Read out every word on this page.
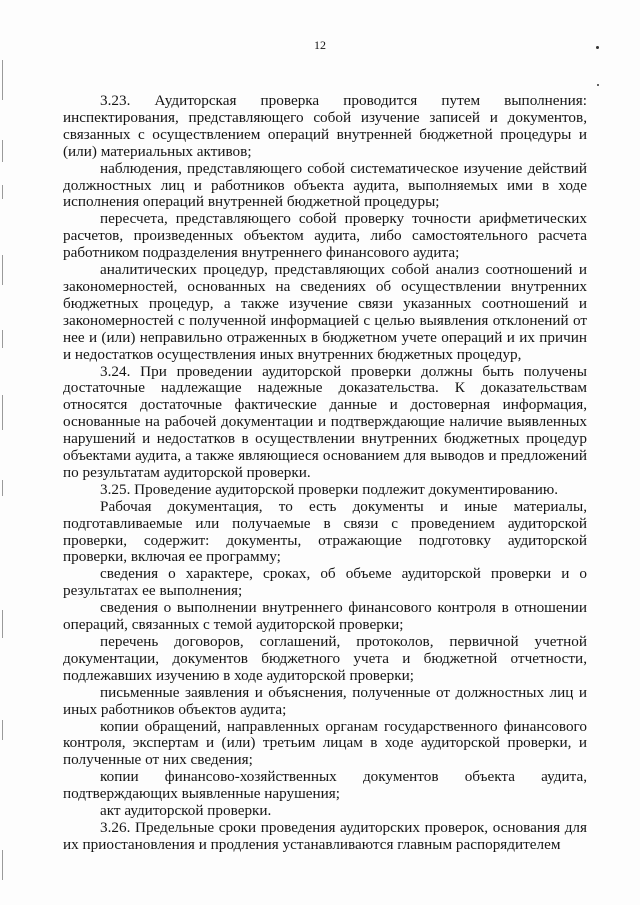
12

3.23. Аудиторская проверка проводится путем выполнения: инспектирования, представляющего собой изучение записей и документов, связанных с осуществлением операций внутренней бюджетной процедуры и (или) материальных активов;

наблюдения, представляющего собой систематическое изучение действий должностных лиц и работников объекта аудита, выполняемых ими в ходе исполнения операций внутренней бюджетной процедуры;

пересчета, представляющего собой проверку точности арифметических расчетов, произведенных объектом аудита, либо самостоятельного расчета работником подразделения внутреннего финансового аудита;

аналитических процедур, представляющих собой анализ соотношений и закономерностей, основанных на сведениях об осуществлении внутренних бюджетных процедур, а также изучение связи указанных соотношений и закономерностей с полученной информацией с целью выявления отклонений от нее и (или) неправильно отраженных в бюджетном учете операций и их причин и недостатков осуществления иных внутренних бюджетных процедур,

3.24. При проведении аудиторской проверки должны быть получены достаточные надлежащие надежные доказательства. К доказательствам относятся достаточные фактические данные и достоверная информация, основанные на рабочей документации и подтверждающие наличие выявленных нарушений и недостатков в осуществлении внутренних бюджетных процедур объектами аудита, а также являющиеся основанием для выводов и предложений по результатам аудиторской проверки.

3.25. Проведение аудиторской проверки подлежит документированию.

Рабочая документация, то есть документы и иные материалы, подготавливаемые или получаемые в связи с проведением аудиторской проверки, содержит: документы, отражающие подготовку аудиторской проверки, включая ее программу;

сведения о характере, сроках, об объеме аудиторской проверки и о результатах ее выполнения;

сведения о выполнении внутреннего финансового контроля в отношении операций, связанных с темой аудиторской проверки;

перечень договоров, соглашений, протоколов, первичной учетной документации, документов бюджетного учета и бюджетной отчетности, подлежавших изучению в ходе аудиторской проверки;

письменные заявления и объяснения, полученные от должностных лиц и иных работников объектов аудита;

копии обращений, направленных органам государственного финансового контроля, экспертам и (или) третьим лицам в ходе аудиторской проверки, и полученные от них сведения;

копии финансово-хозяйственных документов объекта аудита, подтверждающих выявленные нарушения;

акт аудиторской проверки.

3.26. Предельные сроки проведения аудиторских проверок, основания для их приостановления и продления устанавливаются главным распорядителем
